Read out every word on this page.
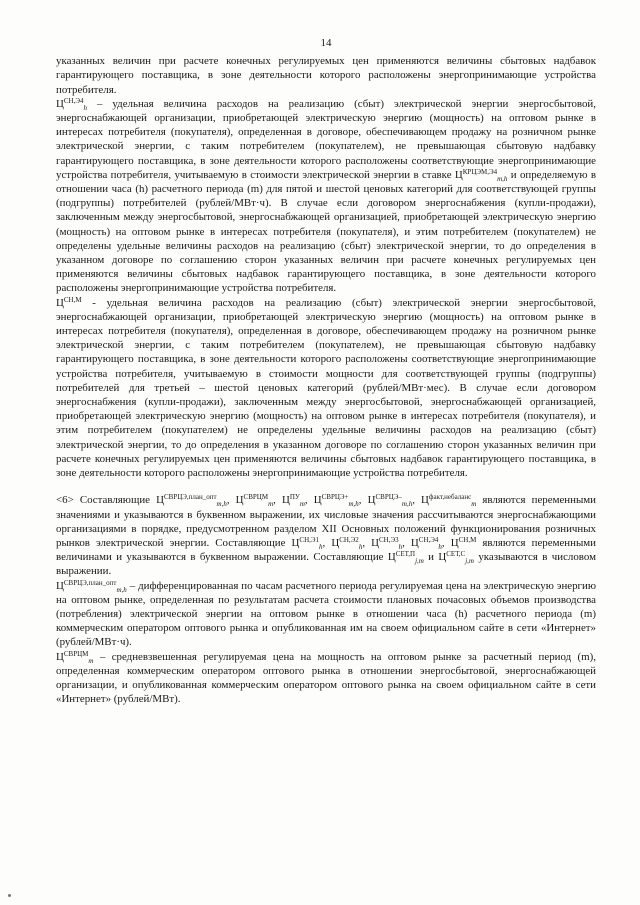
14

указанных величин при расчете конечных регулируемых цен применяются величины сбытовых надбавок гарантирующего поставщика, в зоне деятельности которого расположены энергопринимающие устройства потребителя.

$Ц^{СН,Э4}_h$ – удельная величина расходов на реализацию (сбыт) электрической энергии энергосбытовой, энергоснабжающей организации, приобретающей электрическую энергию (мощность) на оптовом рынке в интересах потребителя (покупателя), определенная в договоре, обеспечивающем продажу на розничном рынке электрической энергии, с таким потребителем (покупателем), не превышающая сбытовую надбавку гарантирующего поставщика, в зоне деятельности которого расположены соответствующие энергопринимающие устройства потребителя, учитываемую в стоимости электрической энергии в ставке $Ц^{КРЦЭМ,Э4}_{m,h}$ и определяемую в отношении часа (h) расчетного периода (m) для пятой и шестой ценовых категорий для соответствующей группы (подгруппы) потребителей (рублей/МВт·ч). В случае если договором энергоснабжения (купли-продажи), заключенным между энергосбытовой, энергоснабжающей организацией, приобретающей электрическую энергию (мощность) на оптовом рынке в интересах потребителя (покупателя), и этим потребителем (покупателем) не определены удельные величины расходов на реализацию (сбыт) электрической энергии, то до определения в указанном договоре по соглашению сторон указанных величин при расчете конечных регулируемых цен применяются величины сбытовых надбавок гарантирующего поставщика, в зоне деятельности которого расположены энергопринимающие устройства потребителя.

$Ц^{СН,М}$ - удельная величина расходов на реализацию (сбыт) электрической энергии энергосбытовой, энергоснабжающей организации, приобретающей электрическую энергию (мощность) на оптовом рынке в интересах потребителя (покупателя), определенная в договоре, обеспечивающем продажу на розничном рынке электрической энергии, с таким потребителем (покупателем), не превышающая сбытовую надбавку гарантирующего поставщика, в зоне деятельности которого расположены соответствующие энергопринимающие устройства потребителя, учитываемую в стоимости мощности для соответствующей группы (подгруппы) потребителей для третьей – шестой ценовых категорий (рублей/МВт·мес). В случае если договором энергоснабжения (купли-продажи), заключенным между энергосбытовой, энергоснабжающей организацией, приобретающей электрическую энергию (мощность) на оптовом рынке в интересах потребителя (покупателя), и этим потребителем (покупателем) не определены удельные величины расходов на реализацию (сбыт) электрической энергии, то до определения в указанном договоре по соглашению сторон указанных величин при расчете конечных регулируемых цен применяются величины сбытовых надбавок гарантирующего поставщика, в зоне деятельности которого расположены энергопринимающие устройства потребителя.

<6> Составляющие $Ц^{СВРЦЭ,план\_опт}_{m,h}$, $Ц^{СВРЦМ}_m$, $Ц^{ПУ}_m$, $Ц^{СВРЦЭ+}_{m,h}$, $Ц^{СВРЦЭ-}_{m,h}$, $Ц^{факт,небаланс}_m$ являются переменными значениями и указываются в буквенном выражении, их числовые значения рассчитываются энергоснабжающими организациями в порядке, предусмотренном разделом XII Основных положений функционирования розничных рынков электрической энергии. Составляющие $Ц^{СН,Э1}_h$, $Ц^{СН,Э2}_h$, $Ц^{СН,Э3}_h$, $Ц^{СН,Э4}_h$, $Ц^{СН,М}$ являются переменными величинами и указываются в буквенном выражении. Составляющие $Ц^{СЕТ,П}_{j,m}$ и $Ц^{СЕТ,С}_{j,m}$ указываются в числовом выражении.

$Ц^{СВРЦЭ,план\_опт}_{m,h}$ – дифференцированная по часам расчетного периода регулируемая цена на электрическую энергию на оптовом рынке, определенная по результатам расчета стоимости плановых почасовых объемов производства (потребления) электрической энергии на оптовом рынке в отношении часа (h) расчетного периода (m) коммерческим оператором оптового рынка и опубликованная им на своем официальном сайте в сети «Интернет» (рублей/МВт·ч).

$Ц^{СВРЦМ}_m$ – средневзвешенная регулируемая цена на мощность на оптовом рынке за расчетный период (m), определенная коммерческим оператором оптового рынка в отношении энергосбытовой, энергоснабжающей организации, и опубликованная коммерческим оператором оптового рынка на своем официальном сайте в сети «Интернет» (рублей/МВт).
